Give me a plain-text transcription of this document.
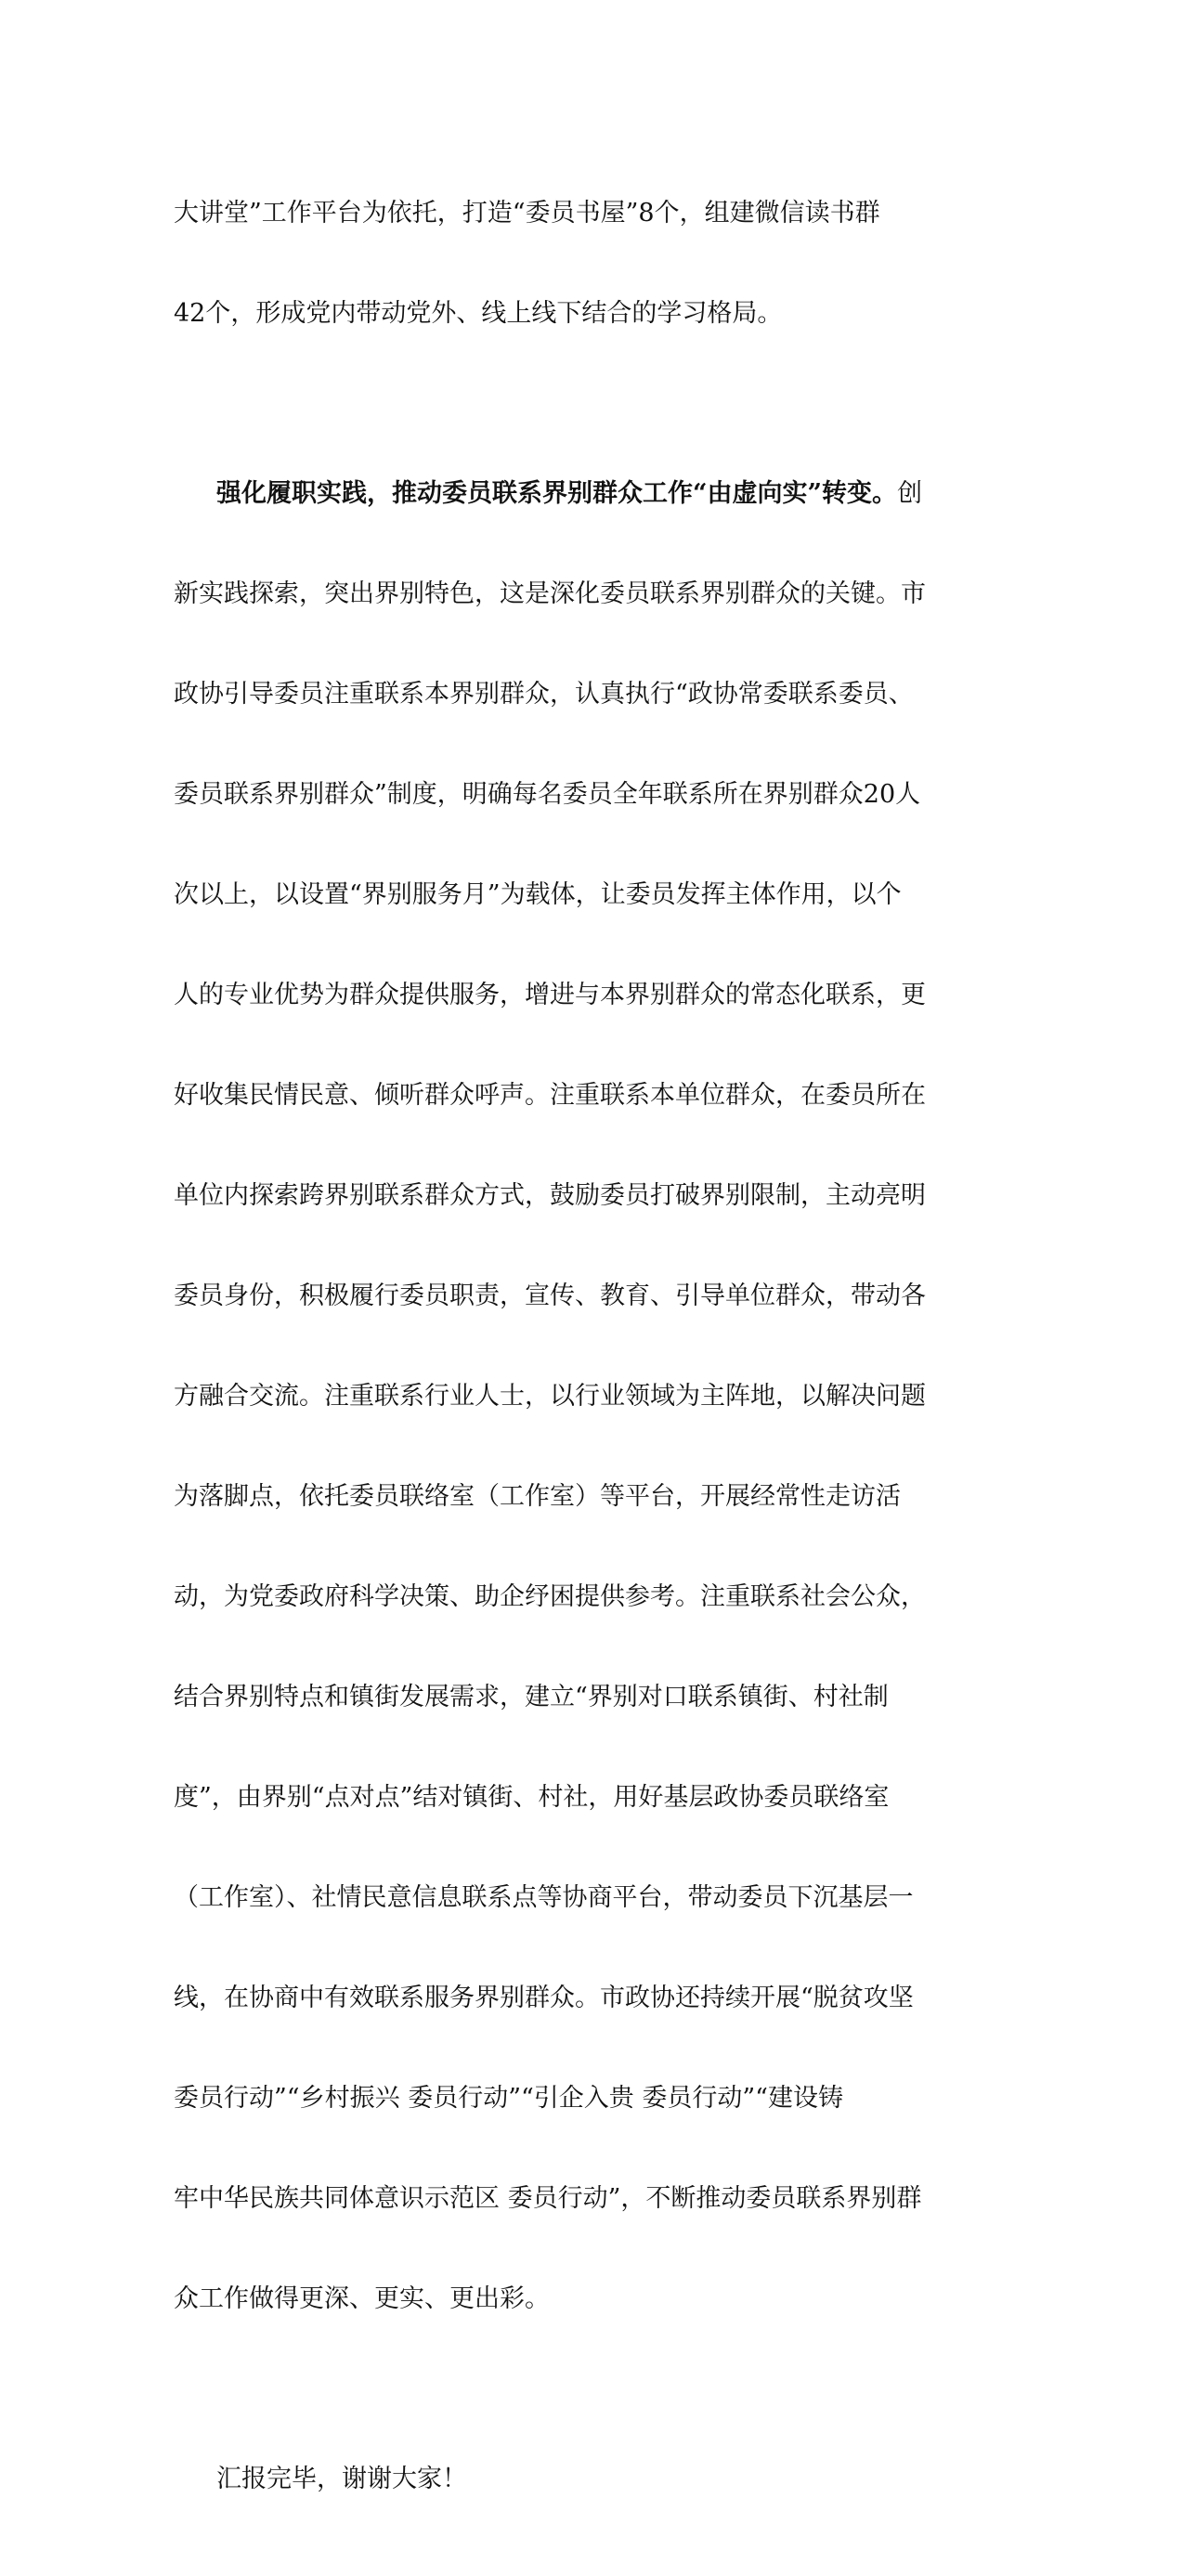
大讲堂”工作平台为依托，打造“委员书屋”8个，组建微信读书群

42个，形成党内带动党外、线上线下结合的学习格局。

强化履职实践，推动委员联系界别群众工作“由虚向实”转变。创

新实践探索，突出界别特色，这是深化委员联系界别群众的关键。市

政协引导委员注重联系本界别群众，认真执行“政协常委联系委员、

委员联系界别群众”制度，明确每名委员全年联系所在界别群众20人

次以上，以设置“界别服务月”为载体，让委员发挥主体作用，以个

人的专业优势为群众提供服务，增进与本界别群众的常态化联系，更

好收集民情民意、倾听群众呼声。注重联系本单位群众，在委员所在

单位内探索跨界别联系群众方式，鼓励委员打破界别限制，主动亮明

委员身份，积极履行委员职责，宣传、教育、引导单位群众，带动各

方融合交流。注重联系行业人士，以行业领域为主阵地，以解决问题

为落脚点，依托委员联络室（工作室）等平台，开展经常性走访活

动，为党委政府科学决策、助企纾困提供参考。注重联系社会公众，

结合界别特点和镇街发展需求，建立“界别对口联系镇街、村社制

度”，由界别“点对点”结对镇街、村社，用好基层政协委员联络室

（工作室）、社情民意信息联系点等协商平台，带动委员下沉基层一

线，在协商中有效联系服务界别群众。市政协还持续开展“脱贫攻坚

委员行动”“乡村振兴 委员行动”“引企入贵 委员行动”“建设铸

牢中华民族共同体意识示范区 委员行动”，不断推动委员联系界别群

众工作做得更深、更实、更出彩。

汇报完毕，谢谢大家！
